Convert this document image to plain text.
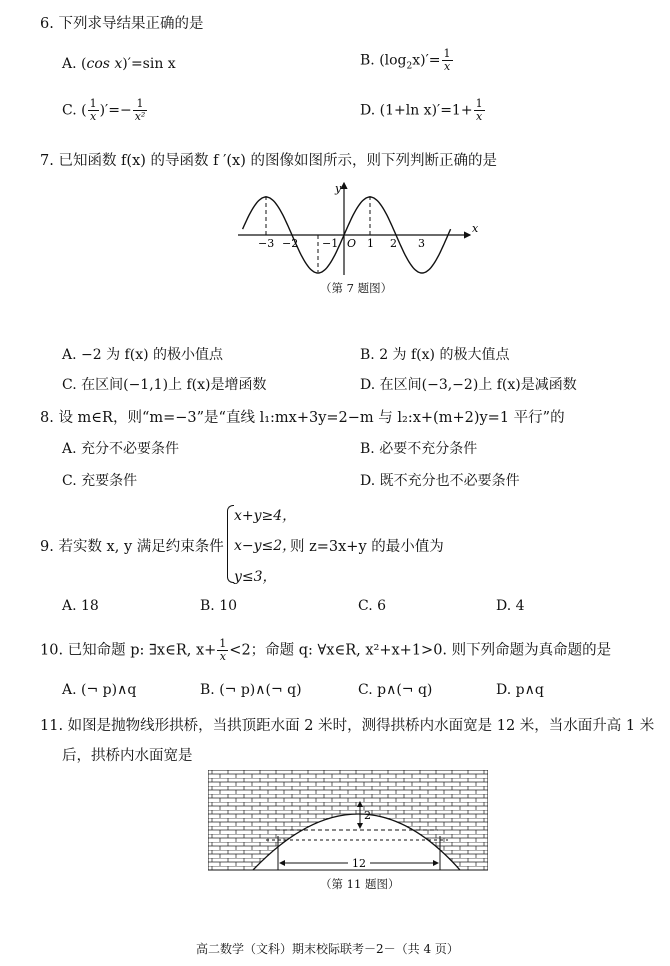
6. 下列求导结果正确的是
A. (cos x)′=sin x	B. $(\log_2x)'= \frac{1}{x}$
C. ( $\frac{1}{x}$ )′=− $\frac{1}{\text{x²}}$	D. (1+ln $x)'=1+ \frac{1}{x}$
7. 已知函数 f(x) 的导函数 f ′(x) 的图像如图所示，则下列判断正确的是
x
y
O
−3 −2 −1	1 2 3
（第 7 题图）
A. −2 为 f(x) 的极小值点	B. 2 为 f(x) 的极大值点
C. 在区间(−1,1)上 f(x)是增函数	D. 在区间(−3,−2)上 f(x)是减函数
8. 设 m∈R，则“m=−3”是“直线 l₁:mx+3y=2−m 与 l₂:x+(m+2)y=1 平行”的
A. 充分不必要条件	B. 必要不充分条件
C. 充要条件	D. 既不充分也不必要条件
9. 若实数 x, y 满足约束条件
x+y≥4，
x−y≤2，
则 z=3x+y 的最小值为
y≤3，
A. 18	B. 10	C. 6	D. 4
10. 已知命题 p: ∃x∈R, $x+ \frac{1}{x} <2$；命题 q: ∀x∈R, x²+x+1>0. 则下列命题为真命题的是
A. (¬ p)∧q	B. (¬ p)∧(¬ q)	C. p∧(¬ q)	D. p∧q
11. 如图是抛物线形拱桥，当拱顶距水面 2 米时，测得拱桥内水面宽是 12 米，当水面升高 1 米
后，拱桥内水面宽是
2
12
（第 11 题图）
高二数学（文科）期末校际联考－2－（共 4 页）
